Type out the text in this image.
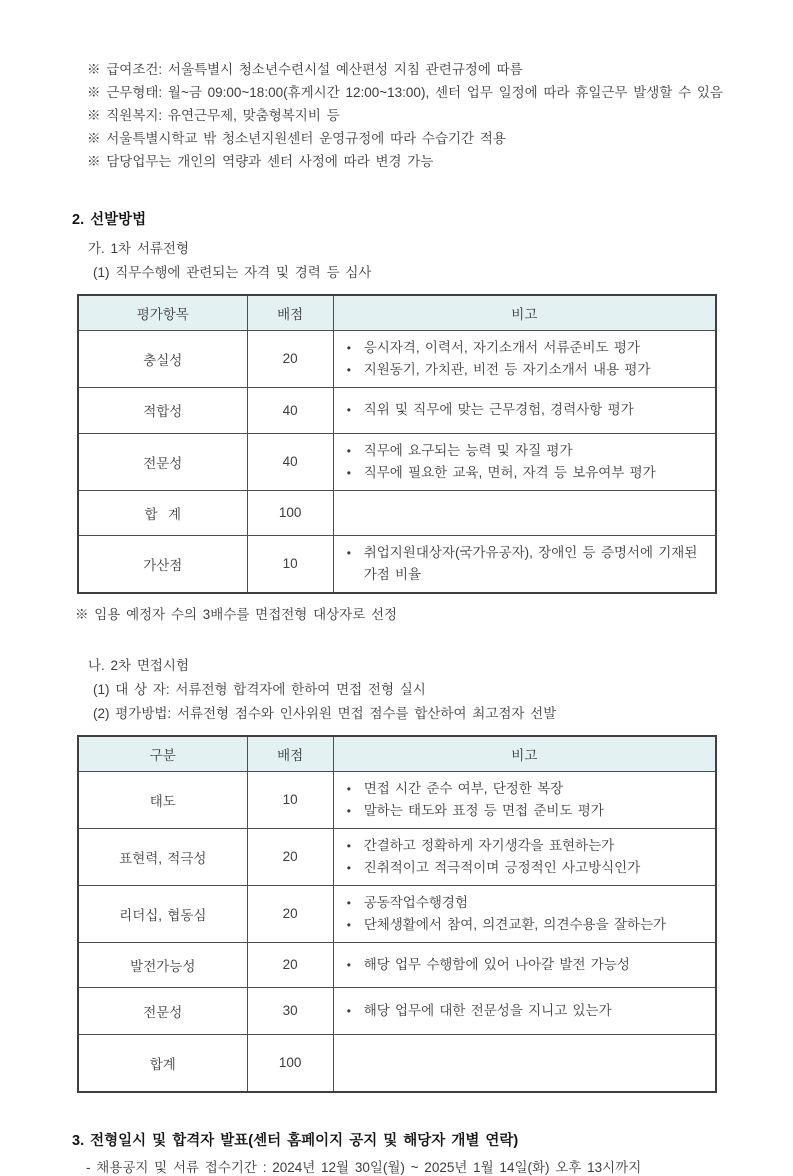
※ 급여조건: 서울특별시 청소년수련시설 예산편성 지침 관련규정에 따름
※ 근무형태: 월~금 09:00~18:00(휴게시간 12:00~13:00), 센터 업무 일정에 따라 휴일근무 발생할 수 있음
※ 직원복지: 유연근무제, 맞춤형복지비 등
※ 서울특별시학교 밖 청소년지원센터 운영규정에 따라 수습기간 적용
※ 담당업무는 개인의 역량과 센터 사정에 따라 변경 가능
2. 선발방법
가. 1차 서류전형
(1) 직무수행에 관련되는 자격 및 경력 등 심사
평가항목	배점	비고
충실성	20	• 응시자격, 이력서, 자기소개서 서류준비도 평가
• 지원동기, 가치관, 비전 등 자기소개서 내용 평가

적합성	40	• 직위 및 직무에 맞는 근무경험, 경력사항 평가

전문성	40	• 직무에 요구되는 능력 및 자질 평가
• 직무에 필요한 교육, 면허, 자격 등 보유여부 평가

합  계	100	
가산점	10	• 취업지원대상자(국가유공자), 장애인 등 증명서에 기재된 가점 비율
※ 임용 예정자 수의 3배수를 면접전형 대상자로 선정
나. 2차 면접시험
(1) 대 상 자: 서류전형 합격자에 한하여 면접 전형 실시
(2) 평가방법: 서류전형 점수와 인사위원 면접 점수를 합산하여 최고점자 선발
구분	배점	비고
태도	10	• 면접 시간 준수 여부, 단정한 복장
• 말하는 태도와 표정 등 면접 준비도 평가

표현력, 적극성	20	• 간결하고 정확하게 자기생각을 표현하는가
• 진취적이고 적극적이며 긍정적인 사고방식인가

리더십, 협동심	20	• 공동작업수행경험
• 단체생활에서 참여, 의견교환, 의견수용을 잘하는가

발전가능성	20	• 해당 업무 수행함에 있어 나아갈 발전 가능성

전문성	30	• 해당 업무에 대한 전문성을 지니고 있는가

합계	100	
3. 전형일시 및 합격자 발표(센터 홈페이지 공지 및 해당자 개별 연락)
- 채용공지 및 서류 접수기간 : 2024년 12월 30일(월) ~ 2025년 1월 14일(화) 오후 13시까지
